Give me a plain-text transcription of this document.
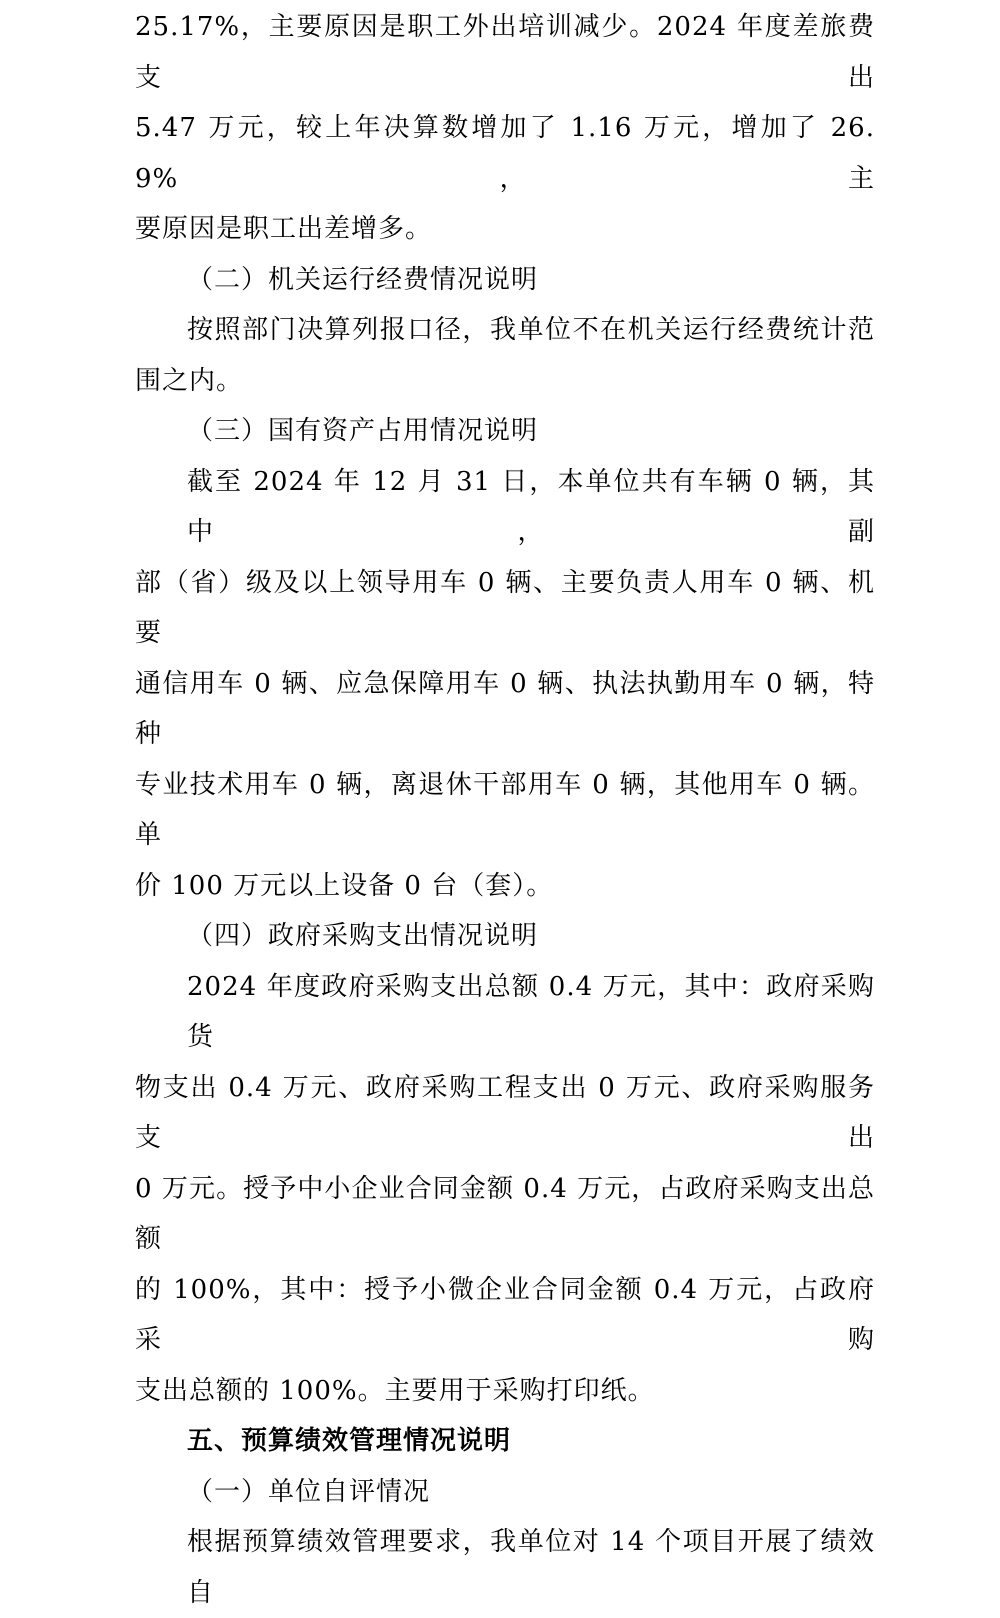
25.17%，主要原因是职工外出培训减少。2024 年度差旅费支出
5.47 万元，较上年决算数增加了 1.16 万元，增加了 26.9%，主
要原因是职工出差增多。
（二）机关运行经费情况说明
按照部门决算列报口径，我单位不在机关运行经费统计范
围之内。
（三）国有资产占用情况说明
截至 2024 年 12 月 31 日，本单位共有车辆 0 辆，其中，副
部（省）级及以上领导用车 0 辆、主要负责人用车 0 辆、机要
通信用车 0 辆、应急保障用车 0 辆、执法执勤用车 0 辆，特种
专业技术用车 0 辆，离退休干部用车 0 辆，其他用车 0 辆。单
价 100 万元以上设备 0 台（套）。
（四）政府采购支出情况说明
2024 年度政府采购支出总额 0.4 万元，其中：政府采购货
物支出 0.4 万元、政府采购工程支出 0 万元、政府采购服务支出
0 万元。授予中小企业合同金额 0.4 万元，占政府采购支出总额
的 100%，其中：授予小微企业合同金额 0.4 万元，占政府采购
支出总额的 100%。主要用于采购打印纸。
五、预算绩效管理情况说明
（一）单位自评情况
根据预算绩效管理要求，我单位对 14 个项目开展了绩效自
